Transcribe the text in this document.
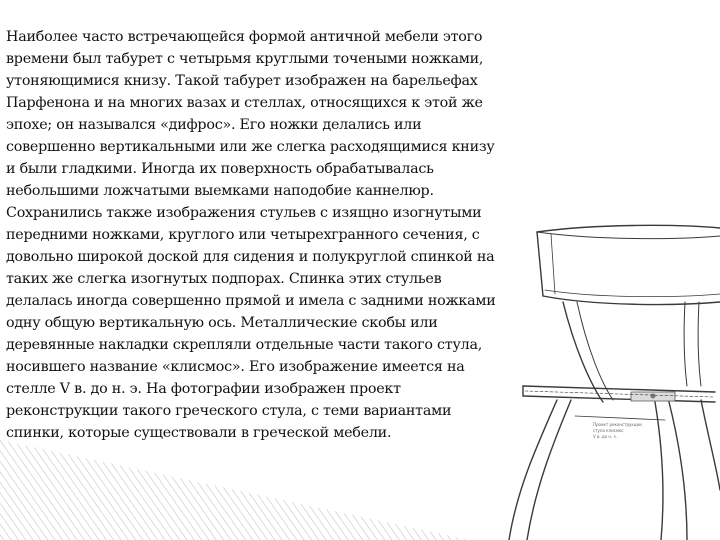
Наиболее часто встречающейся формой античной мебели этого
времени был табурет с четырьмя круглыми точеными ножками,
утоняющимися книзу. Такой табурет изображен на барельефах
Парфенона и на многих вазах и стеллах, относящихся к этой же
эпохе; он назывался «дифрос». Его ножки делались или
совершенно вертикальными или же слегка расходящимися книзу
и были гладкими. Иногда их поверхность обрабатывалась
небольшими ложчатыми выемками наподобие каннелюр.
Сохранились также изображения стульев с изящно изогнутыми
передними ножками, круглого или четырехгранного сечения, с
довольно широкой доской для сидения и полукруглой спинкой на
таких же слегка изогнутых подпорах. Спинка этих стульев
делалась иногда совершенно прямой и имела с задними ножками
одну общую вертикальную ось. Металлические скобы или
деревянные накладки скрепляли отдельные части такого стула,
носившего название «клисмос». Его изображение имеется на
стелле V в. до н. э. На фотографии изображен проект
реконструкции такого греческого стула, с теми вариантами
спинки, которые существовали в греческой мебели.
Проект реконструкции
стула клисмос
V в. до н. э.
